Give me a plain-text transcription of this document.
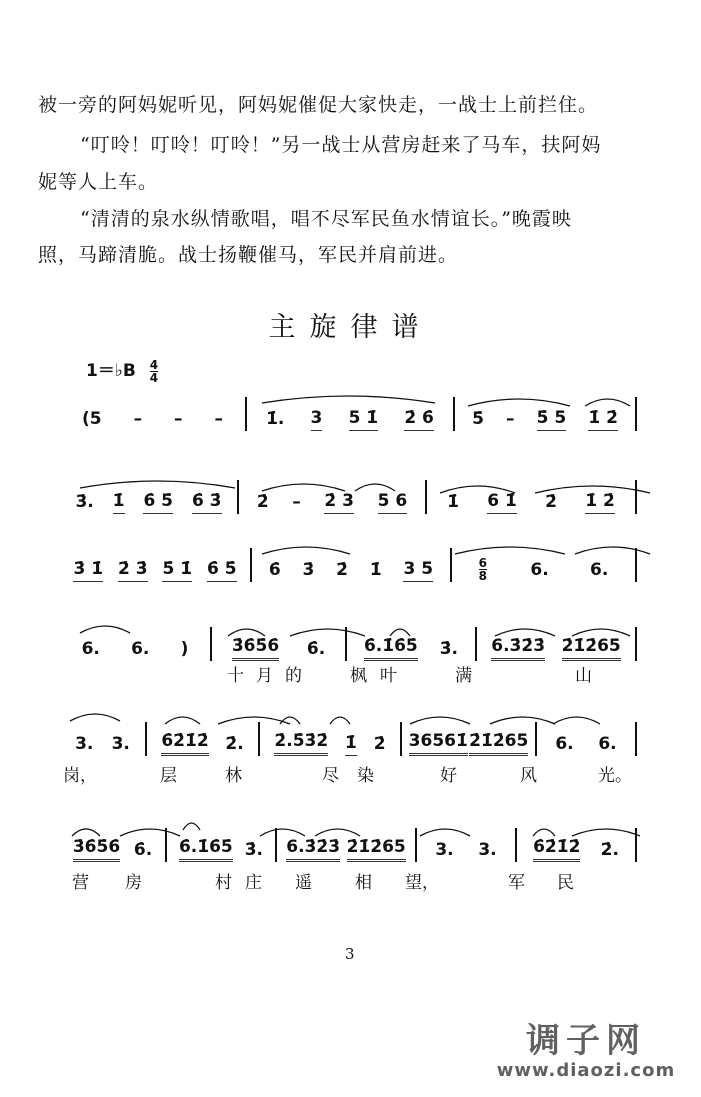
被一旁的阿妈妮听见，阿妈妮催促大家快走，一战士上前拦住。
“叮呤！叮呤！叮呤！”另一战士从营房赶来了马车，扶阿妈
妮等人上车。
“清清的泉水纵情歌唱，唱不尽军民鱼水情谊长。”晚霞映
照，马蹄清脆。战士扬鞭催马，军民并肩前进。
主旋律谱
1＝♭B $\frac{4}{4}$
(5 – – –	1̇. 3 5 1̇ 2̇ 6̇ 5̇ – 5̇ 5 1̇ 2̇
3̇. 1̇ 6̇ 5̇ 6̇ 3̇ 2̇ – 2̇ 3 5 6 1̇ 6 1̇ 2̇ 1̇ 2̇
3̇ 1̇ 2̇ 3̇ 5̇ 1̇ 6̇ 5̇ 6̇ 3̇ 2̇ 1̇ 3 5	6
8	6. 6.
6. 6. )	3̇6̇5̇6̇ 6̇. 6̇.1̇6̇5̇ 3̇. 6.3̇2̇3̇ 2̇1̇2̇65
十 月 的	枫 叶	满	山
3. 3. 6̇2̇1̇2̇ 2̇. 2̇.5̇3̇2̇ 1̇ 2̇ 36561̇ 2̇1̇2̇65 6. 6.
岗，	层	林	尽 染	好	风	光。
3̇6̇5̇6̇ 6̇. 6̇.1̇6̇5̇ 3̇. 6.3̇2̇3̇ 2̇1̇2̇65 3. 3. 6̇2̇1̇2̇ 2̇.
营 房	村 庄 遥	相 望，	军 民
3
调子网
www.diaozi.com
